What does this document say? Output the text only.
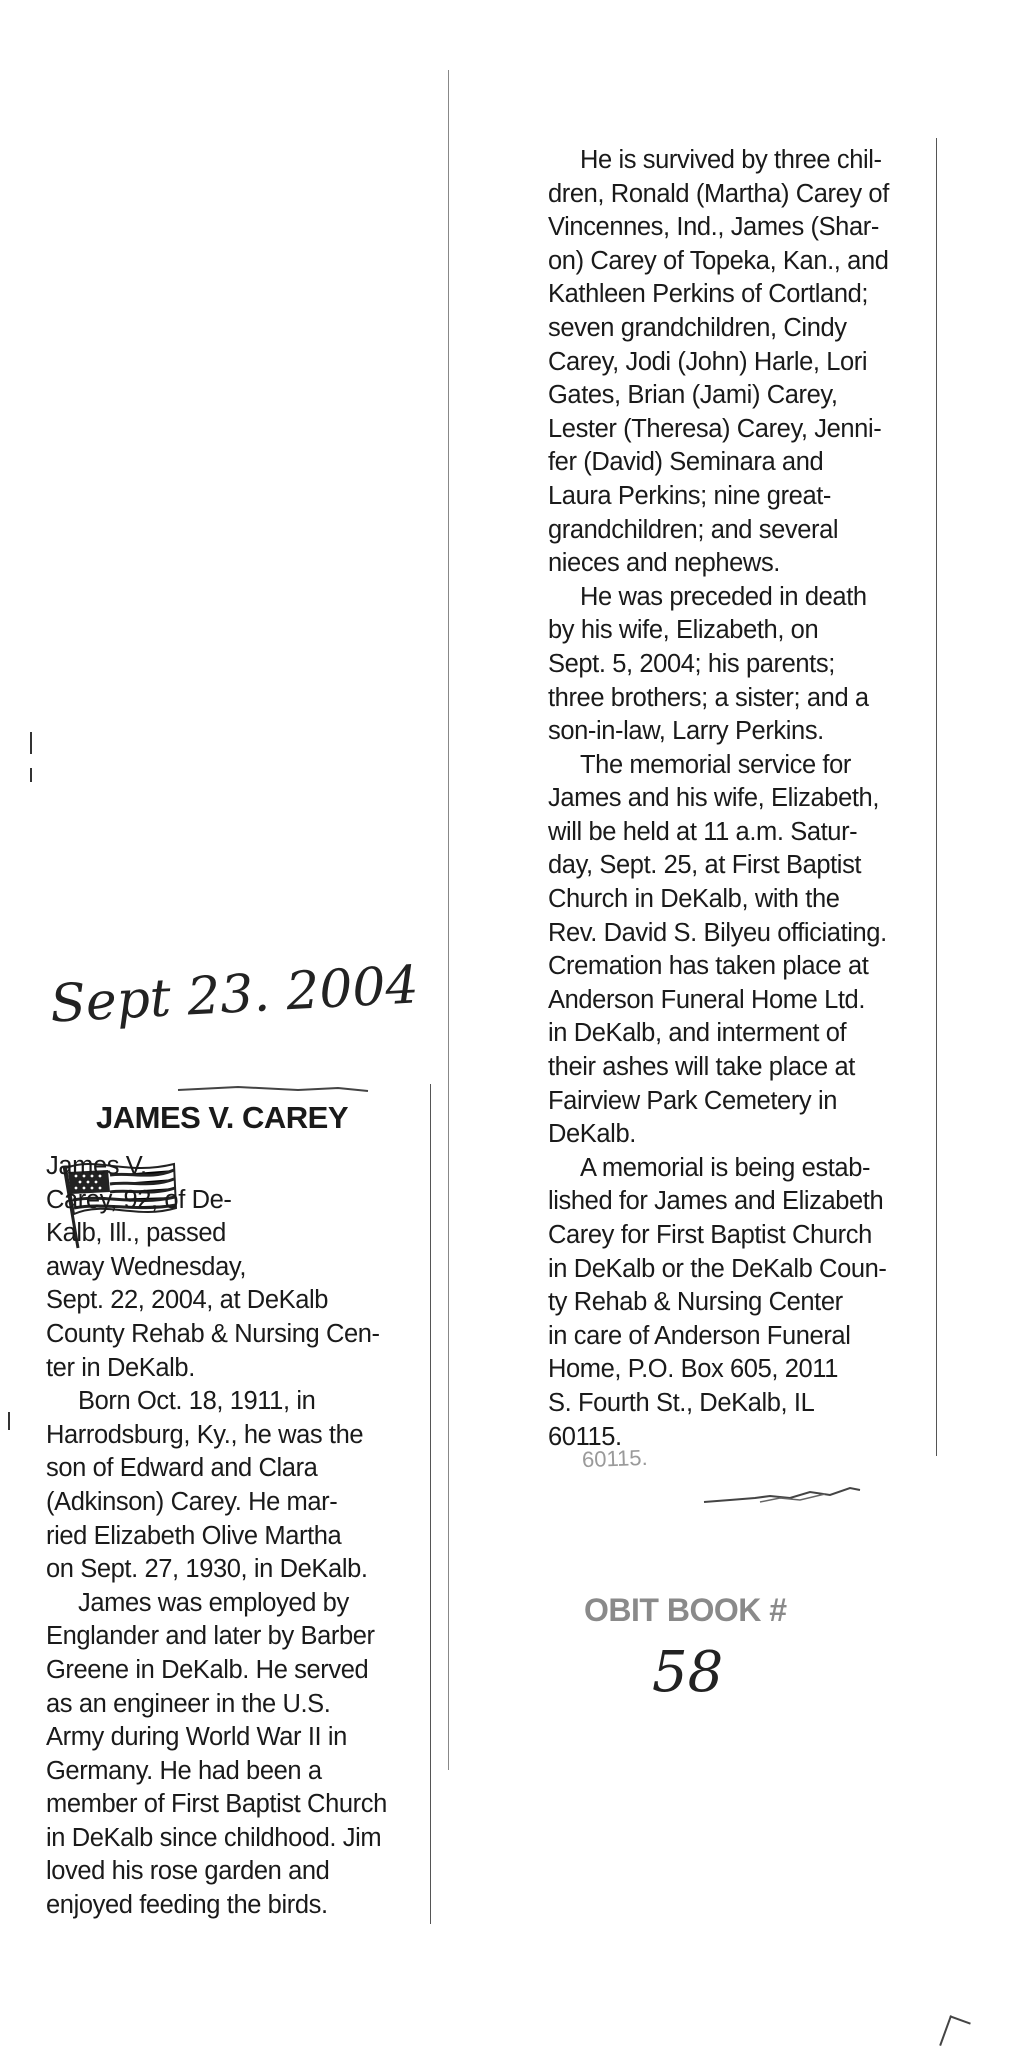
Sept 23. 2004
JAMES V. CAREY

James V.
Carey, 92, of De-
Kalb, Ill., passed
away Wednesday,
Sept. 22, 2004, at DeKalb
County Rehab & Nursing Cen-
ter in DeKalb.

Born Oct. 18, 1911, in
Harrodsburg, Ky., he was the
son of Edward and Clara
(Adkinson) Carey. He mar-
ried Elizabeth Olive Martha
on Sept. 27, 1930, in DeKalb.

James was employed by
Englander and later by Barber
Greene in DeKalb. He served
as an engineer in the U.S.
Army during World War II in
Germany. He had been a
member of First Baptist Church
in DeKalb since childhood. Jim
loved his rose garden and
enjoyed feeding the birds.

He is survived by three chil-
dren, Ronald (Martha) Carey of
Vincennes, Ind., James (Shar-
on) Carey of Topeka, Kan., and
Kathleen Perkins of Cortland;
seven grandchildren, Cindy
Carey, Jodi (John) Harle, Lori
Gates, Brian (Jami) Carey,
Lester (Theresa) Carey, Jenni-
fer (David) Seminara and
Laura Perkins; nine great-
grandchildren; and several
nieces and nephews.

He was preceded in death
by his wife, Elizabeth, on
Sept. 5, 2004; his parents;
three brothers; a sister; and a
son-in-law, Larry Perkins.

The memorial service for
James and his wife, Elizabeth,
will be held at 11 a.m. Satur-
day, Sept. 25, at First Baptist
Church in DeKalb, with the
Rev. David S. Bilyeu officiating.
Cremation has taken place at
Anderson Funeral Home Ltd.
in DeKalb, and interment of
their ashes will take place at
Fairview Park Cemetery in
DeKalb.

A memorial is being estab-
lished for James and Elizabeth
Carey for First Baptist Church
in DeKalb or the DeKalb Coun-
ty Rehab & Nursing Center
in care of Anderson Funeral
Home, P.O. Box 605, 2011
S. Fourth St., DeKalb, IL
60115.

60115.
OBIT BOOK #
58
